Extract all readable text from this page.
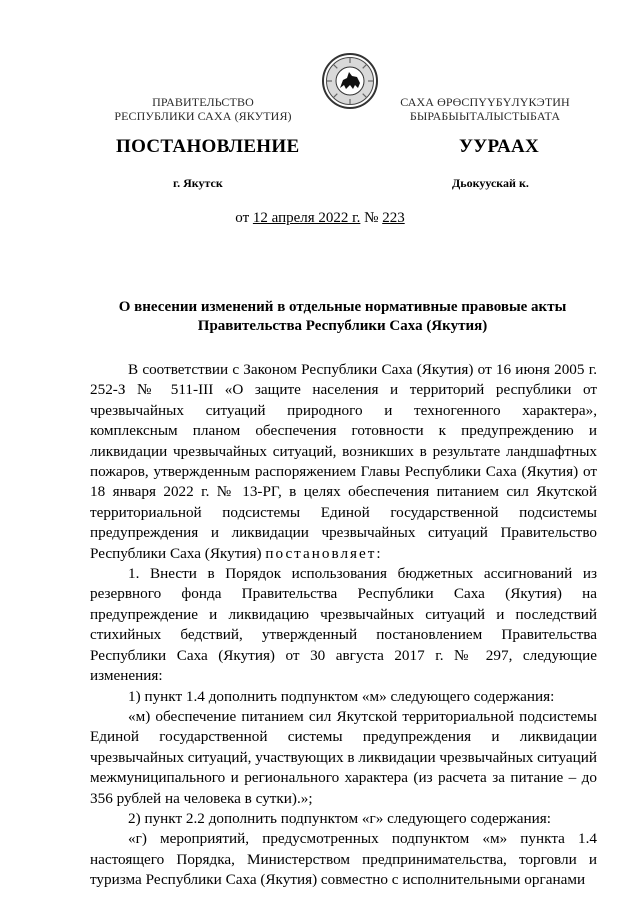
ПРАВИТЕЛЬСТВО
РЕСПУБЛИКИ САХА (ЯКУТИЯ)
САХА ӨРӨСПҮҮБҮЛҮКЭТИН
БЫРАБЫЫТАЛЫСТЫБАТА
ПОСТАНОВЛЕНИЕ	УУРААХ
г. Якутск	Дьокуускай к.
от 12 апреля 2022 г. № 223
О внесении изменений в отдельные нормативные правовые акты Правительства Республики Саха (Якутия)

В соответствии с Законом Республики Саха (Якутия) от 16 июня 2005 г. 252-З № 511-III «О защите населения и территорий республики от чрезвычайных ситуаций природного и техногенного характера», комплексным планом обеспечения готовности к предупреждению и ликвидации чрезвычайных ситуаций, возникших в результате ландшафтных пожаров, утвержденным распоряжением Главы Республики Саха (Якутия) от 18 января 2022 г. № 13-РГ, в целях обеспечения питанием сил Якутской территориальной подсистемы Единой государственной подсистемы предупреждения и ликвидации чрезвычайных ситуаций Правительство Республики Саха (Якутия) постановляет:

1. Внести в Порядок использования бюджетных ассигнований из резервного фонда Правительства Республики Саха (Якутия) на предупреждение и ликвидацию чрезвычайных ситуаций и последствий стихийных бедствий, утвержденный постановлением Правительства Республики Саха (Якутия) от 30 августа 2017 г. № 297, следующие изменения:

1) пункт 1.4 дополнить подпунктом «м» следующего содержания:

«м) обеспечение питанием сил Якутской территориальной подсистемы Единой государственной системы предупреждения и ликвидации чрезвычайных ситуаций, участвующих в ликвидации чрезвычайных ситуаций межмуниципального и регионального характера (из расчета за питание – до 356 рублей на человека в сутки).»;

2) пункт 2.2 дополнить подпунктом «г» следующего содержания:

«г) мероприятий, предусмотренных подпунктом «м» пункта 1.4 настоящего Порядка, Министерством предпринимательства, торговли и туризма Республики Саха (Якутия) совместно с исполнительными органами
